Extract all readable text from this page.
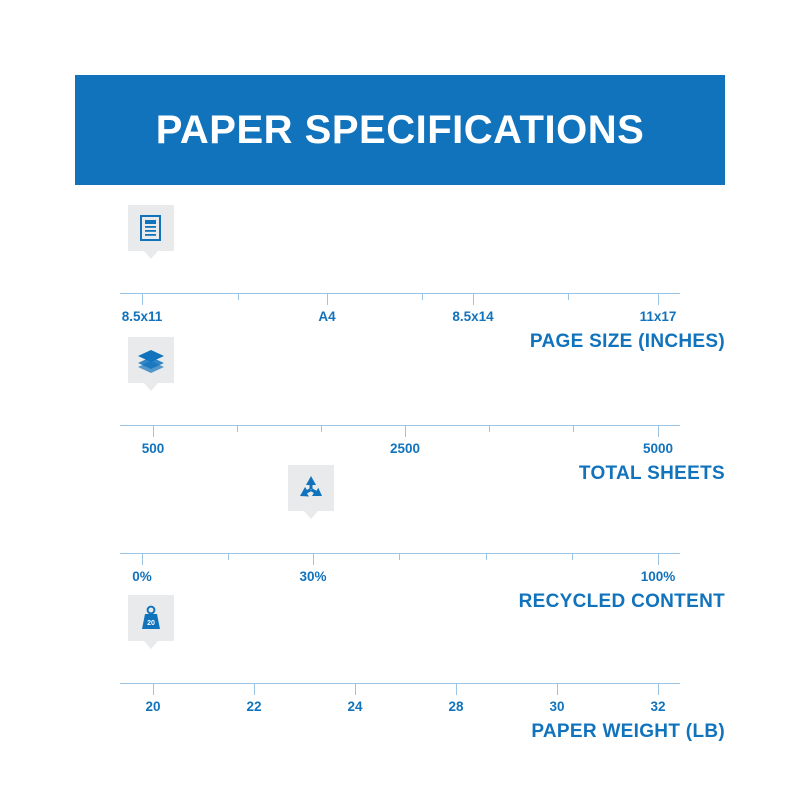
PAPER SPECIFICATIONS
8.5x11	A4	8.5x14	11x17
PAGE SIZE (INCHES)
500	2500	5000
TOTAL SHEETS
0%	30%	100%
RECYCLED CONTENT
20
20	22	24	28	30	32
PAPER WEIGHT (LB)
